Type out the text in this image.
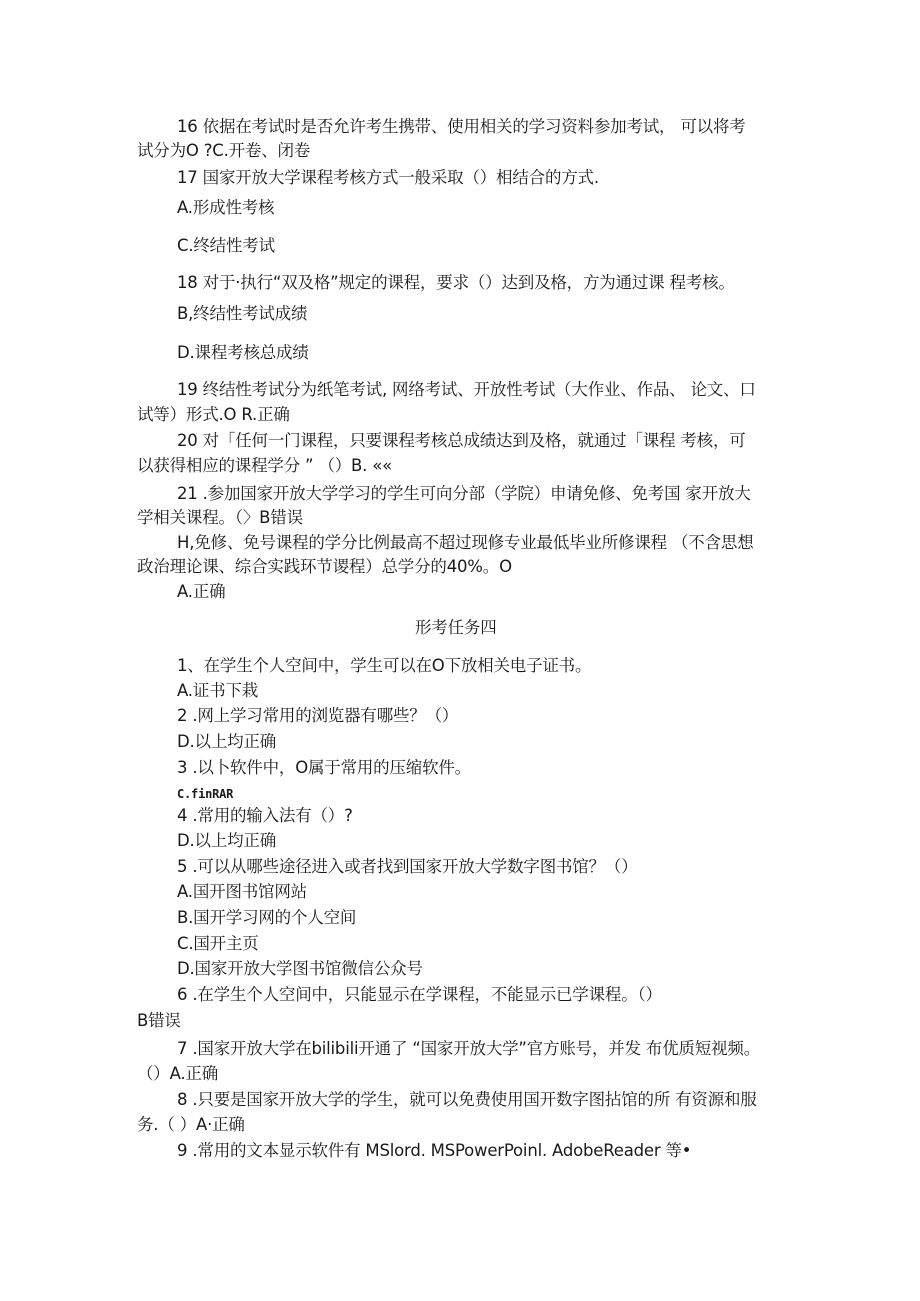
16 依据在考试时是否允许考生携带、使用相关的学习资料参加考试， 可以将考
试分为O ?C.开卷、闭卷
17 国家开放大学课程考核方式一般采取（）相结合的方式.
A.形成性考核
C.终结性考试
18 对于·执行“双及格”规定的课程，要求（）达到及格，方为通过课 程考核。
B,终结性考试成绩
D.课程考核总成绩
19 终结性考试分为纸笔考试, 网络考试、开放性考试（大作业、作品、 论文、口
试等）形式.O R.正确
20 对「任何一门课程，只要课程考核总成绩达到及格，就通过「课程 考核，可
以获得相应的课程学分 ” （）B. ««
21 .参加国家开放大学学习的学生可向分部（学院）申请免修、免考国 家开放大
学相关课程。（〉B错误
H,免修、免号课程的学分比例最高不超过现修专业最低毕业所修课程 （不含思想
政治理论课、综合实践环节谡程）总学分的40%。O
A.正确
形考任务四
1、在学生个人空间中，学生可以在O下放相关电子证书。
A.证书下栽
2 .网上学习常用的浏览器有哪些？（）
D.以上均正确
3 .以卜软件中，O属于常用的压缩软件。
C.finRAR
4 .常用的输入法有（）?
D.以上均正确
5 .可以从哪些途径进入或者找到国家开放大学数字图书馆？（）
A.国开图书馆网站
B.国开学习网的个人空间
C.国开主页
D.国家开放大学图书馆微信公众号
6 .在学生个人空间中，只能显示在学课程，不能显示已学课程。（）
B错误
7 .国家开放大学在bilibili开通了 “国家开放大学”官方账号，并发 布优质短视频。
（）A.正确
8 .只要是国家开放大学的学生，就可以免费使用国开数字图拈馆的所 有资源和服
务.（ ）A·正确
9 .常用的文本显示软件有 MSlord. MSPowerPoinl. AdobeReader 等•
